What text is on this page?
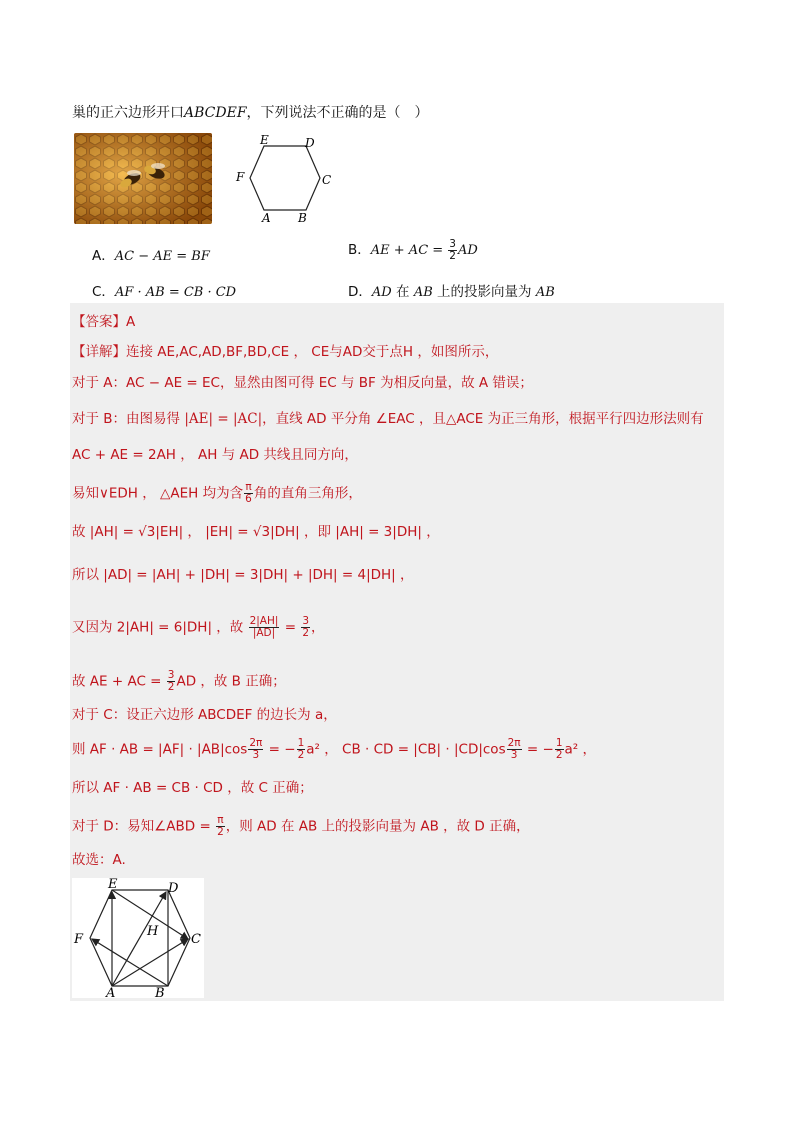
巢的正六边形开口ABCDEF，下列说法不正确的是（　）
E	D
F	C
A B
A．AC − AE = BF	B．AE + AC = $\frac{3}{2}$ AD
C．AF · AB = CB · CD	D．AD 在 AB 上的投影向量为 AB
【答案】A
【详解】连接 AE,AC,AD,BF,BD,CE ， CE与AD交于点H ，如图所示，
对于 A：AC − AE = EC，显然由图可得 EC 与 BF 为相反向量，故 A 错误；
对于 B：由图易得 |AE| = |AC|，直线 AD 平分角 ∠EAC ，且△ACE 为正三角形，根据平行四边形法则有
AC + AE = 2AH ， AH 与 AD 共线且同方向，
易知∨EDH ， △AEH 均为含 $\frac{\pi}{6}$ 角的直角三角形，
故 |AH| = √3|EH| ， |EH| = √3|DH| ，即 |AH| = 3|DH| ，
所以 |AD| = |AH| + |DH| = 3|DH| + |DH| = 4|DH| ，
又因为 2|AH| = 6|DH| ，故 $\frac{2|AH|}{|AD|} = \frac{3}{2}$ ，
故 AE + AC = $\frac{3}{2}$ AD ，故 B 正确；
对于 C：设正六边形 ABCDEF 的边长为 a，
则 AF · AB = $|AF| \cdot |AB|\cos \frac{2\pi}{3}$ = − $\frac{1}{2} a^2$ ， CB · CD = $|CB| \cdot |CD|\cos \frac{2\pi}{3}$ = − $\frac{1}{2} a^2$ ，
所以 AF · AB = CB · CD ，故 C 正确；
对于 D：易知∠ABD = $\frac{\pi}{2}$ ，则 AD 在 AB 上的投影向量为 AB ，故 D 正确，
故选：A.
E	D
F	C
H
A	B
